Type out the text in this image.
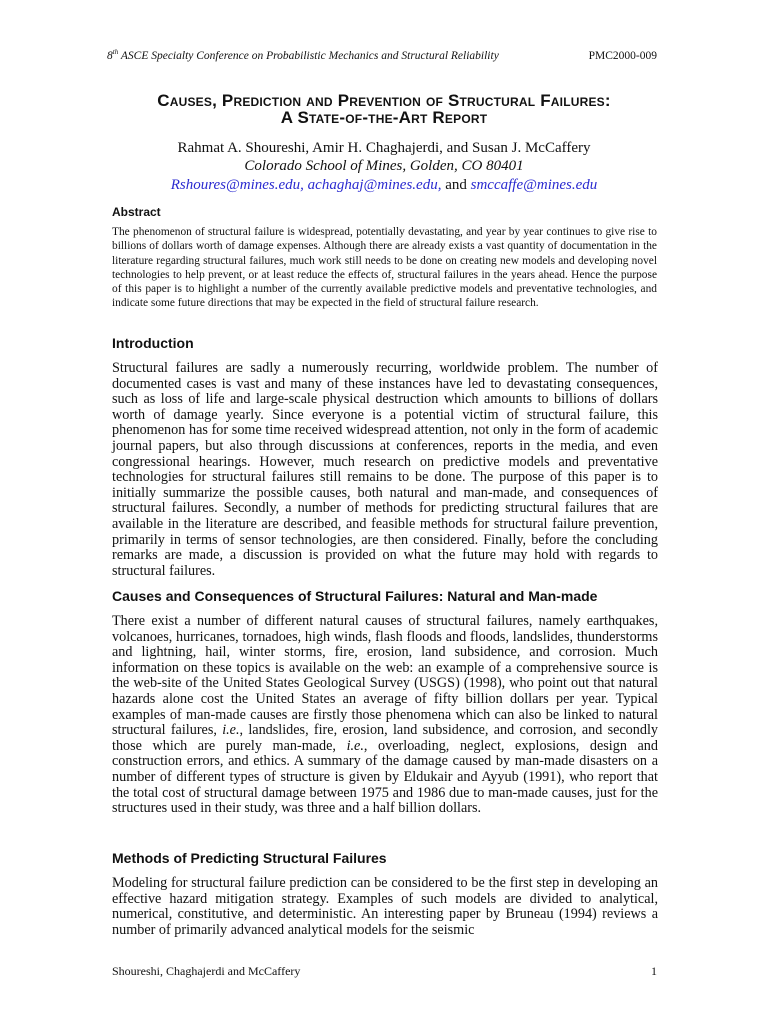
8th ASCE Specialty Conference on Probabilistic Mechanics and Structural Reliability	PMC2000-009
Causes, Prediction and Prevention of Structural Failures:
A State-of-the-Art Report
Rahmat A. Shoureshi, Amir H. Chaghajerdi, and Susan J. McCaffery
Colorado School of Mines, Golden, CO 80401
Rshoures@mines.edu, achaghaj@mines.edu, and smccaffe@mines.edu
Abstract
The phenomenon of structural failure is widespread, potentially devastating, and year by year continues to give rise to billions of dollars worth of damage expenses. Although there are already exists a vast quantity of documentation in the literature regarding structural failures, much work still needs to be done on creating new models and developing novel technologies to help prevent, or at least reduce the effects of, structural failures in the years ahead. Hence the purpose of this paper is to highlight a number of the currently available predictive models and preventative technologies, and indicate some future directions that may be expected in the field of structural failure research.
Introduction
Structural failures are sadly a numerously recurring, worldwide problem. The number of documented cases is vast and many of these instances have led to devastating consequences, such as loss of life and large-scale physical destruction which amounts to billions of dollars worth of damage yearly. Since everyone is a potential victim of structural failure, this phenomenon has for some time received widespread attention, not only in the form of academic journal papers, but also through discussions at conferences, reports in the media, and even congressional hearings. However, much research on predictive models and preventative technologies for structural failures still remains to be done. The purpose of this paper is to initially summarize the possible causes, both natural and man-made, and consequences of structural failures. Secondly, a number of methods for predicting structural failures that are available in the literature are described, and feasible methods for structural failure prevention, primarily in terms of sensor technologies, are then considered. Finally, before the concluding remarks are made, a discussion is provided on what the future may hold with regards to structural failures.
Causes and Consequences of Structural Failures: Natural and Man-made
There exist a number of different natural causes of structural failures, namely earthquakes, volcanoes, hurricanes, tornadoes, high winds, flash floods and floods, landslides, thunderstorms and lightning, hail, winter storms, fire, erosion, land subsidence, and corrosion. Much information on these topics is available on the web: an example of a comprehensive source is the web-site of the United States Geological Survey (USGS) (1998), who point out that natural hazards alone cost the United States an average of fifty billion dollars per year. Typical examples of man-made causes are firstly those phenomena which can also be linked to natural structural failures, i.e., landslides, fire, erosion, land subsidence, and corrosion, and secondly those which are purely man-made, i.e., overloading, neglect, explosions, design and construction errors, and ethics. A summary of the damage caused by man-made disasters on a number of different types of structure is given by Eldukair and Ayyub (1991), who report that the total cost of structural damage between 1975 and 1986 due to man-made causes, just for the structures used in their study, was three and a half billion dollars.
Methods of Predicting Structural Failures
Modeling for structural failure prediction can be considered to be the first step in developing an effective hazard mitigation strategy. Examples of such models are divided to analytical, numerical, constitutive, and deterministic. An interesting paper by Bruneau (1994) reviews a number of primarily advanced analytical models for the seismic
Shoureshi, Chaghajerdi and McCaffery	1
